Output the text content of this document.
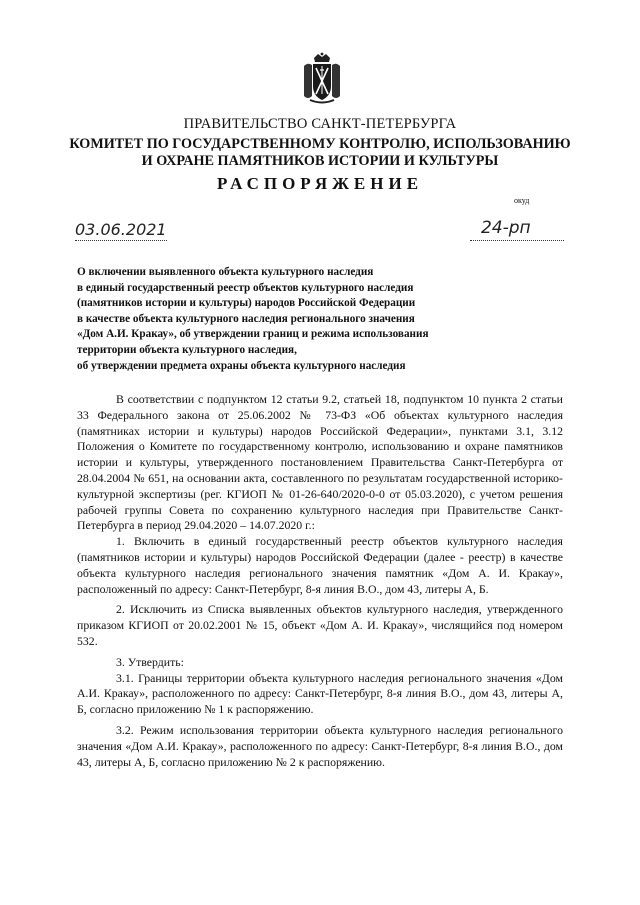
ПРАВИТЕЛЬСТВО САНКТ-ПЕТЕРБУРГА
КОМИТЕТ ПО ГОСУДАРСТВЕННОМУ КОНТРОЛЮ, ИСПОЛЬЗОВАНИЮ
И ОХРАНЕ ПАМЯТНИКОВ ИСТОРИИ И КУЛЬТУРЫ
РАСПОРЯЖЕНИЕ
окуд
03.06.2021	24-рп
О включении выявленного объекта культурного наследия
в единый государственный реестр объектов культурного наследия
(памятников истории и культуры) народов Российской Федерации
в качестве объекта культурного наследия регионального значения
«Дом А.И. Кракау», об утверждении границ и режима использования
территории объекта культурного наследия,
об утверждении предмета охраны объекта культурного наследия

В соответствии с подпунктом 12 статьи 9.2, статьей 18, подпунктом 10 пункта 2 статьи 33 Федерального закона от 25.06.2002 № 73-ФЗ «Об объектах культурного наследия (памятниках истории и культуры) народов Российской Федерации», пунктами 3.1, 3.12 Положения о Комитете по государственному контролю, использованию и охране памятников истории и культуры, утвержденного постановлением Правительства Санкт-Петербурга от 28.04.2004 № 651, на основании акта, составленного по результатам государственной историко-культурной экспертизы (рег. КГИОП № 01-26-640/2020-0-0 от 05.03.2020), с учетом решения рабочей группы Совета по сохранению культурного наследия при Правительстве Санкт-Петербурга в период 29.04.2020 – 14.07.2020 г.:

1. Включить в единый государственный реестр объектов культурного наследия (памятников истории и культуры) народов Российской Федерации (далее - реестр) в качестве объекта культурного наследия регионального значения памятник «Дом А. И. Кракау», расположенный по адресу: Санкт-Петербург, 8-я линия В.О., дом 43, литеры А, Б.

2. Исключить из Списка выявленных объектов культурного наследия, утвержденного приказом КГИОП от 20.02.2001 № 15, объект «Дом А. И. Кракау», числящийся под номером 532.

3. Утвердить:

3.1. Границы территории объекта культурного наследия регионального значения «Дом А.И. Кракау», расположенного по адресу: Санкт-Петербург, 8-я линия В.О., дом 43, литеры А, Б, согласно приложению № 1 к распоряжению.

3.2. Режим использования территории объекта культурного наследия регионального значения «Дом А.И. Кракау», расположенного по адресу: Санкт-Петербург, 8-я линия В.О., дом 43, литеры А, Б, согласно приложению № 2 к распоряжению.
